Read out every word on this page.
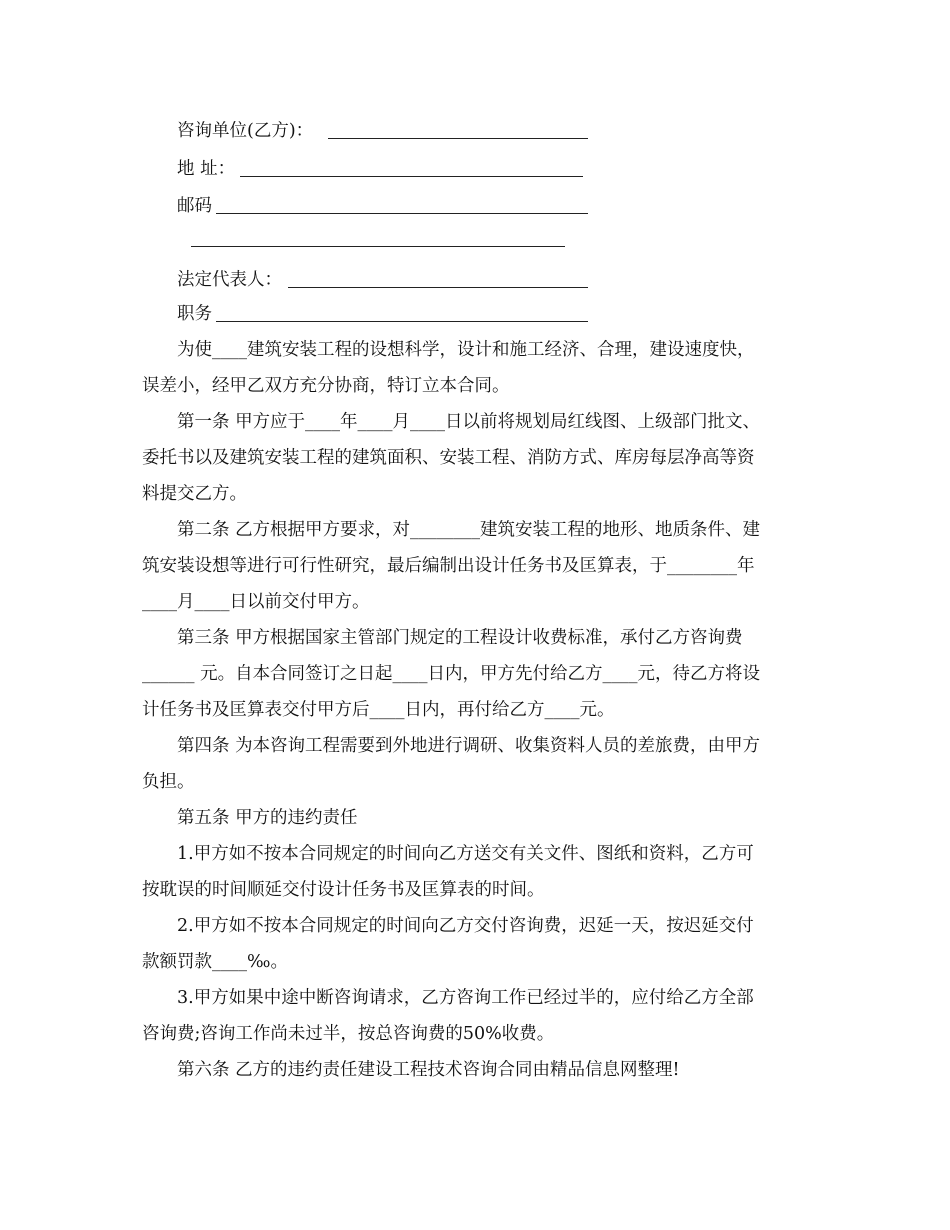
咨询单位(乙方)：
地 址：
邮码
法定代表人：
职务
为使____建筑安装工程的设想科学，设计和施工经济、合理，建设速度快，
误差小，经甲乙双方充分协商，特订立本合同。
第一条 甲方应于____年____月____日以前将规划局红线图、上级部门批文、
委托书以及建筑安装工程的建筑面积、安装工程、消防方式、库房每层净高等资
料提交乙方。
第二条 乙方根据甲方要求，对________建筑安装工程的地形、地质条件、建
筑安装设想等进行可行性研究，最后编制出设计任务书及匡算表，于________年
____月____日以前交付甲方。
第三条 甲方根据国家主管部门规定的工程设计收费标准，承付乙方咨询费
______ 元。自本合同签订之日起____日内，甲方先付给乙方____元，待乙方将设
计任务书及匡算表交付甲方后____日内，再付给乙方____元。
第四条 为本咨询工程需要到外地进行调研、收集资料人员的差旅费，由甲方
负担。
第五条 甲方的违约责任
1.甲方如不按本合同规定的时间向乙方送交有关文件、图纸和资料，乙方可
按耽误的时间顺延交付设计任务书及匡算表的时间。
2.甲方如不按本合同规定的时间向乙方交付咨询费，迟延一天，按迟延交付
款额罚款____‰。
3.甲方如果中途中断咨询请求，乙方咨询工作已经过半的，应付给乙方全部
咨询费;咨询工作尚未过半，按总咨询费的50%收费。
第六条 乙方的违约责任建设工程技术咨询合同由精品信息网整理!
